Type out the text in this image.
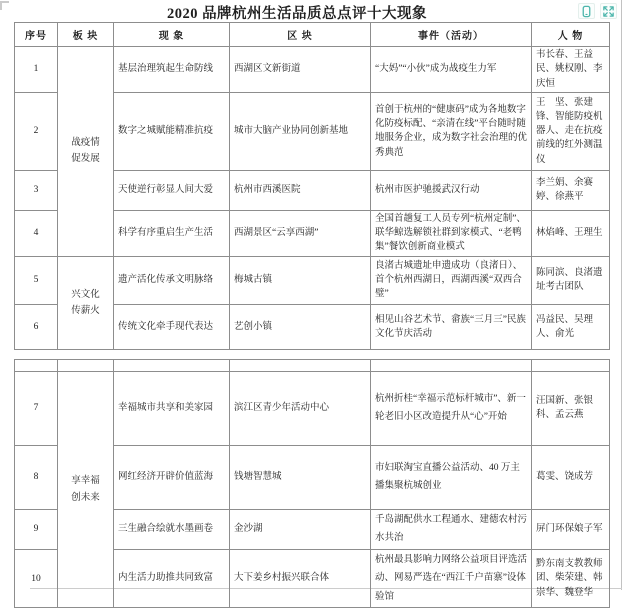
2020 品牌杭州生活品质总点评十大现象
序号	板 块	现 象	区 块	事件（活动）	人 物
1	战疫情促发展	基层治理筑起生命防线	西湖区文新街道	“大妈”“小伙”成为战疫生力军	韦长春、王益民、姚权刚、李庆恒
2		数字之城赋能精准抗疫	城市大脑产业协同创新基地	首创于杭州的“健康码”成为各地数字化防疫标配、“亲清在线”平台随时随地服务企业，成为数字社会治理的优秀典范	王　坚、张建锋、智能防疫机器人、走在抗疫前线的红外测温仪
3		天使逆行彰显人间大爱	杭州市西溪医院	杭州市医护驰援武汉行动	李兰娟、余赛婷、徐燕平
4		科学有序重启生产生活	西湖景区“云享西湖”	全国首趟复工人员专列“杭州定制”、联华鲸选解锁社群到家模式、“老鸭集”餐饮创新商业模式	林焰峰、王理生
5	兴文化传薪火	遗产活化传承文明脉络	梅城古镇	良渚古城遗址申遗成功（良渚日）、首个杭州西湖日，西湖西溪“双西合璧”	陈同滨、良渚遗址考古团队
6		传统文化牵手现代表达	艺创小镇	相见山谷艺术节、畲族“三月三”民族文化节庆活动	冯益民、吴理人、俞光

7	享幸福创未来	幸福城市共享和美家园	滨江区青少年活动中心	杭州折桂“幸福示范标杆城市”、新一轮老旧小区改造提升从“心”开始	汪国新、张银科、孟云燕
8		网红经济开辟价值蓝海	钱塘智慧城	市妇联淘宝直播公益活动、40 万主播集聚杭城创业	葛雯、饶成芳
9		三生融合绘就水墨画卷	金沙湖	千岛湖配供水工程通水、建德农村污水共治	屏门环保娘子军
10		内生活力助推共同致富	大下姜乡村振兴联合体	杭州最具影响力网络公益项目评选活动、网易严选在“西江千户苗寨”设体验馆	黔东南支教教师团、柴荣建、韩崇华、魏登华
